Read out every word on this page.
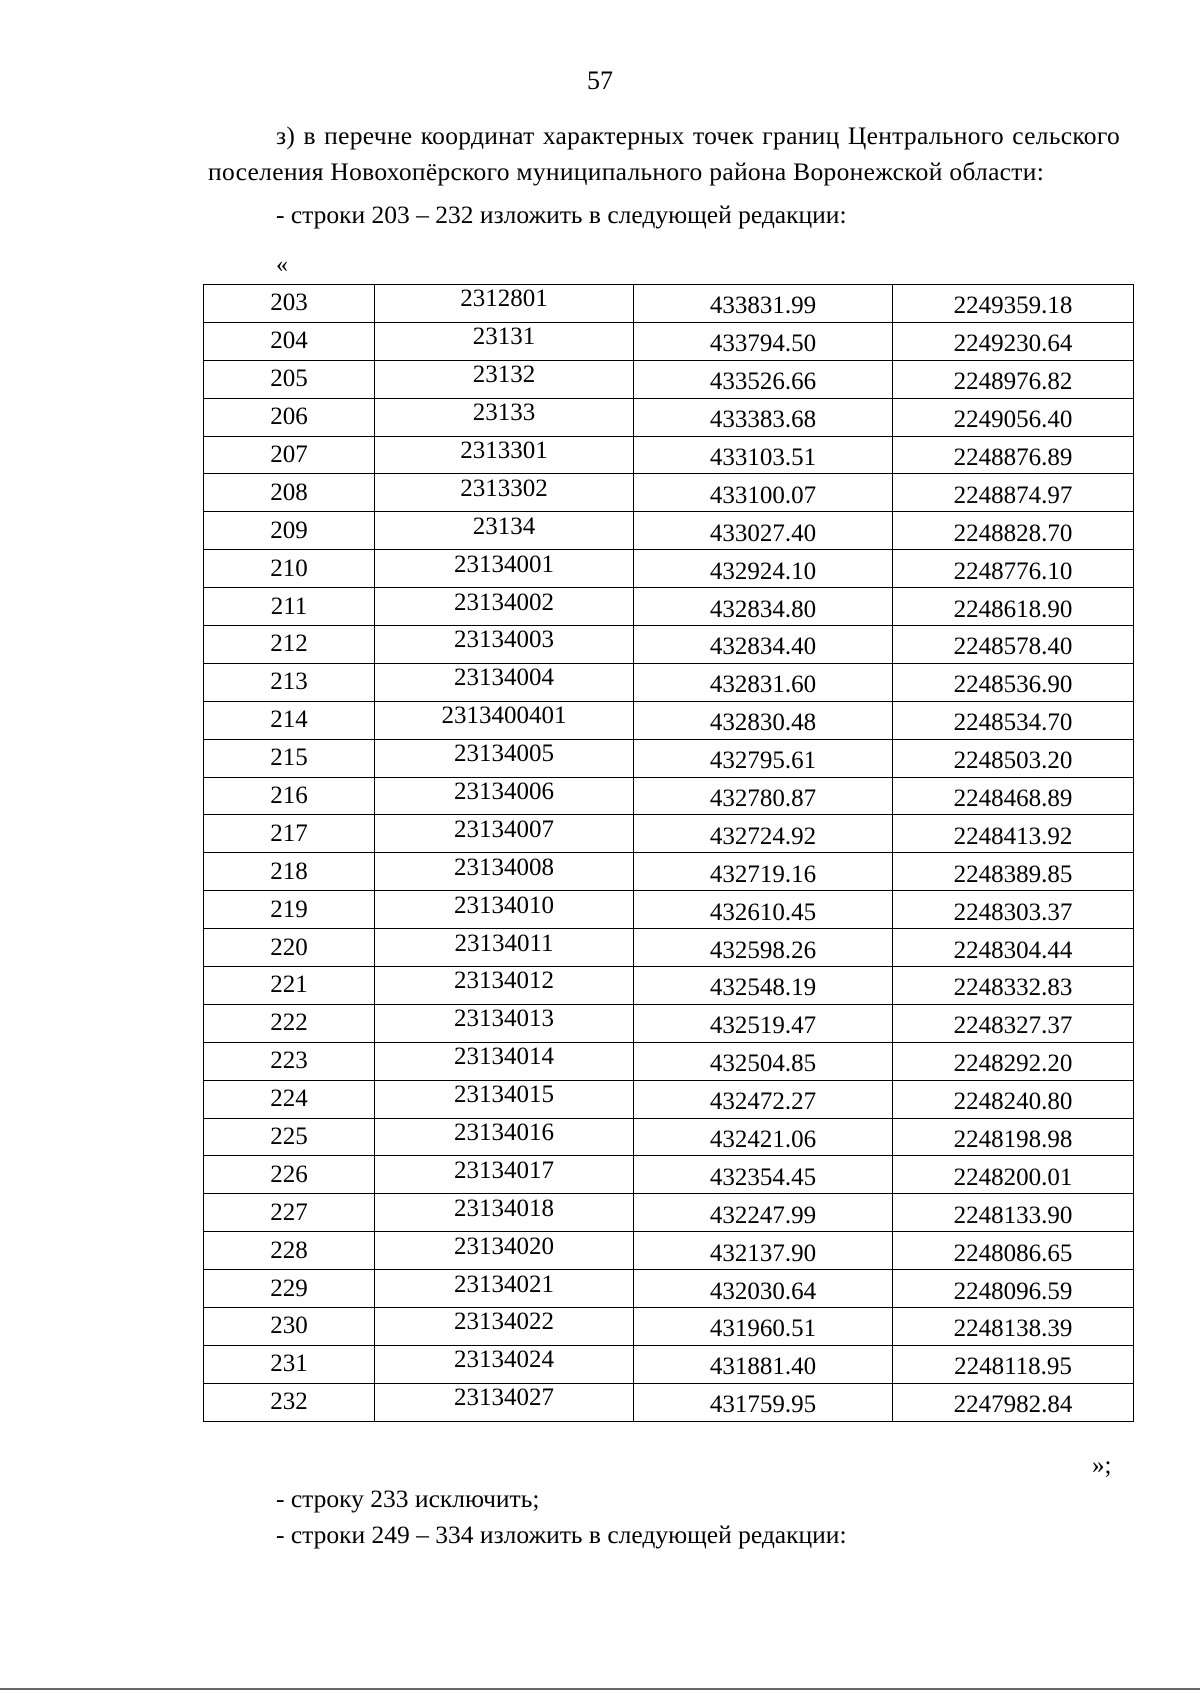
57
з) в перечне координат характерных точек границ Центрального сельского поселения Новохопёрского муниципального района Воронежской области:
- строки 203 – 232 изложить в следующей редакции:
«
203	2312801	433831.99	2249359.18
204	23131	433794.50	2249230.64
205	23132	433526.66	2248976.82
206	23133	433383.68	2249056.40
207	2313301	433103.51	2248876.89
208	2313302	433100.07	2248874.97
209	23134	433027.40	2248828.70
210	23134001	432924.10	2248776.10
211	23134002	432834.80	2248618.90
212	23134003	432834.40	2248578.40
213	23134004	432831.60	2248536.90
214	2313400401	432830.48	2248534.70
215	23134005	432795.61	2248503.20
216	23134006	432780.87	2248468.89
217	23134007	432724.92	2248413.92
218	23134008	432719.16	2248389.85
219	23134010	432610.45	2248303.37
220	23134011	432598.26	2248304.44
221	23134012	432548.19	2248332.83
222	23134013	432519.47	2248327.37
223	23134014	432504.85	2248292.20
224	23134015	432472.27	2248240.80
225	23134016	432421.06	2248198.98
226	23134017	432354.45	2248200.01
227	23134018	432247.99	2248133.90
228	23134020	432137.90	2248086.65
229	23134021	432030.64	2248096.59
230	23134022	431960.51	2248138.39
231	23134024	431881.40	2248118.95
232	23134027	431759.95	2247982.84
»;
- строку 233 исключить;
- строки 249 – 334 изложить в следующей редакции:
